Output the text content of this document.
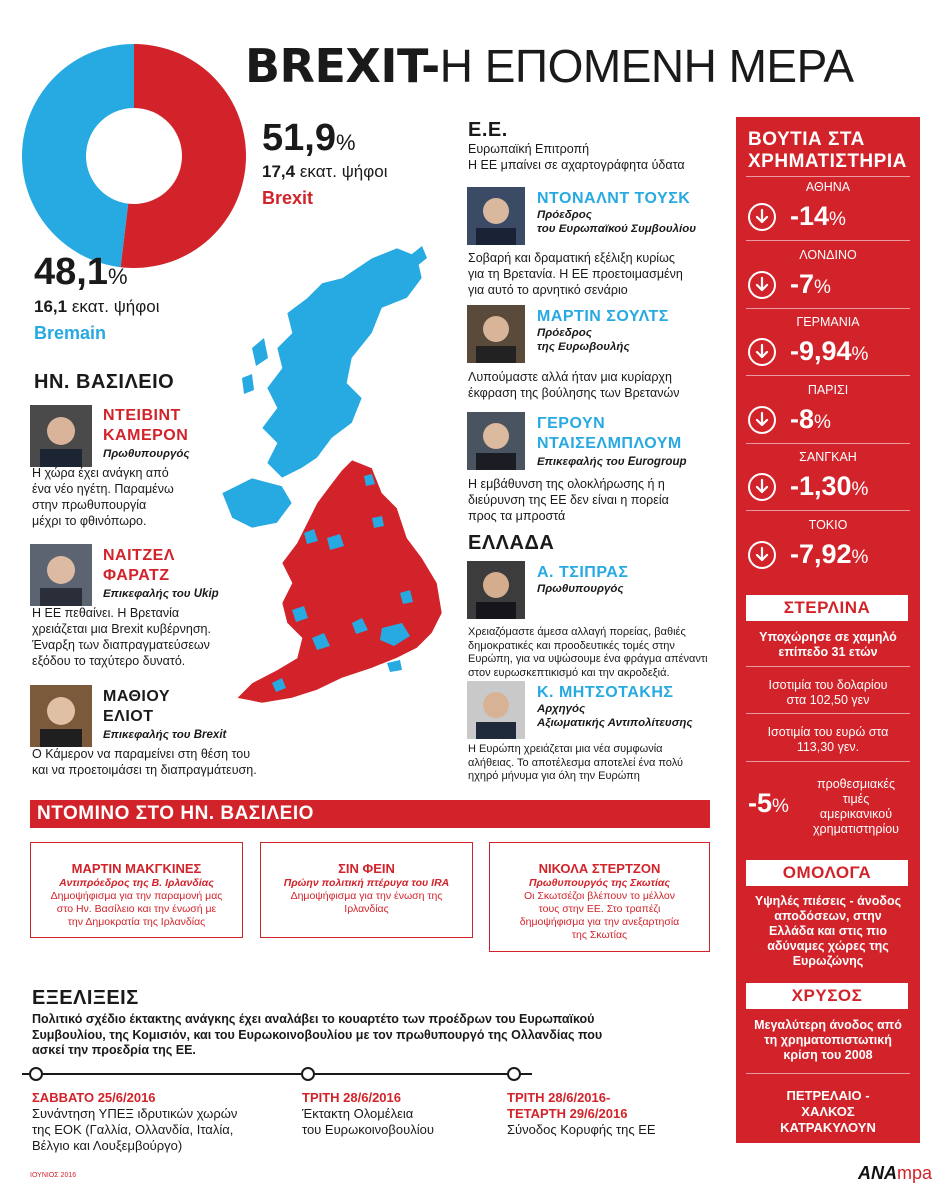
BREXIT-Η ΕΠΟΜΕΝΗ ΜΕΡΑ
51,9%
17,4 εκατ. ψήφοι
Brexit
48,1%
16,1 εκατ. ψήφοι
Bremain
ΗΝ. ΒΑΣΙΛΕΙΟ
ΝΤΕΙΒΙΝΤ
ΚΑΜΕΡΟΝ
Πρωθυπουργός
Η χώρα έχει ανάγκη από
ένα νέο ηγέτη. Παραμένω
στην πρωθυπουργία
μέχρι το φθινόπωρο.
ΝΑΙΤΖΕΛ
ΦΑΡΑΤΖ
Επικεφαλής του Ukip
Η ΕΕ πεθαίνει. Η Βρετανία
χρειάζεται μια Brexit κυβέρνηση.
Έναρξη των διαπραγματεύσεων
εξόδου το ταχύτερο δυνατό.
ΜΑΘΙΟΥ
ΕΛΙΟΤ
Επικεφαλής του Brexit
Ο Κάμερον να παραμείνει στη θέση του
και να προετοιμάσει τη διαπραγμάτευση.
Ε.Ε.
Ευρωπαϊκή Επιτροπή
Η ΕΕ μπαίνει σε αχαρτογράφητα ύδατα
ΝΤΟΝΑΛΝΤ ΤΟΥΣΚ
Πρόεδρος
του Ευρωπαϊκού Συμβουλίου
Σοβαρή και δραματική εξέλιξη κυρίως
για τη Βρετανία. Η ΕΕ προετοιμασμένη
για αυτό το αρνητικό σενάριο
ΜΑΡΤΙΝ ΣΟΥΛΤΣ
Πρόεδρος
της Ευρωβουλής
Λυπούμαστε αλλά ήταν μια κυρίαρχη
έκφραση της βούλησης των Βρετανών
ΓΕΡΟΥΝ
ΝΤΑΙΣΕΛΜΠΛΟΥΜ
Επικεφαλής του Eurogroup
Η εμβάθυνση της ολοκλήρωσης ή η
διεύρυνση της ΕΕ δεν είναι η πορεία
προς τα μπροστά
ΕΛΛΑΔΑ
Α. ΤΣΙΠΡΑΣ
Πρωθυπουργός
Χρειαζόμαστε άμεσα αλλαγή πορείας, βαθιές
δημοκρατικές και προοδευτικές τομές στην
Ευρώπη, για να υψώσουμε ένα φράγμα απέναντι
στον ευρωσκεπτικισμό και την ακροδεξιά.
Κ. ΜΗΤΣΟΤΑΚΗΣ
Αρχηγός
Αξιωματικής Αντιπολίτευσης
Η Ευρώπη χρειάζεται μια νέα συμφωνία
αλήθειας. Το αποτέλεσμα αποτελεί ένα πολύ
ηχηρό μήνυμα για όλη την Ευρώπη
ΒΟΥΤΙΑ ΣΤΑ
ΧΡΗΜΑΤΙΣΤΗΡΙΑ
ΑΘΗΝΑ
-14%
ΛΟΝΔΙΝΟ
-7%
ΓΕΡΜΑΝΙΑ
-9,94%
ΠΑΡΙΣΙ
-8%
ΣΑΝΓΚΑΗ
-1,30%
ΤΟΚΙΟ
-7,92%
ΣΤΕΡΛΙΝΑ
Υποχώρησε σε χαμηλό
επίπεδο 31 ετών
Ισοτιμία του δολαρίου
στα 102,50 γεν
Ισοτιμία του ευρώ στα
113,30 γεν.
-5%
προθεσμιακές
τιμές
αμερικανικού
χρηματιστηρίου
ΟΜΟΛΟΓΑ
Υψηλές πιέσεις - άνοδος
αποδόσεων, στην
Ελλάδα και στις πιο
αδύναμες χώρες της
Ευρωζώνης
ΧΡΥΣΟΣ
Μεγαλύτερη άνοδος από
τη χρηματοπιστωτική
κρίση του 2008
ΠΕΤΡΕΛΑΙΟ -
ΧΑΛΚΟΣ
ΚΑΤΡΑΚΥΛΟΥΝ
ΝΤΟΜΙΝΟ ΣΤΟ ΗΝ. ΒΑΣΙΛΕΙΟ
ΜΑΡΤΙΝ ΜΑΚΓΚΙΝΕΣ
Αντιπρόεδρος της Β. Ιρλανδίας
Δημοψήφισμα για την παραμονή μας
στο Ην. Βασίλειο και την ένωσή με
την Δημοκρατία της Ιρλανδίας
ΣΙΝ ΦΕΙΝ
Πρώην πολιτική πτέρυγα του IRA
Δημοψήφισμα για την ένωση της
Ιρλανδίας
ΝΙΚΟΛΑ ΣΤΕΡΤΖΟΝ
Πρωθυπουργός της Σκωτίας
Οι Σκωτσέζοι βλέπουν το μέλλον
τους στην ΕΕ. Στο τραπέζι
δημοψήφισμα για την ανεξαρτησία
της Σκωτίας
ΕΞΕΛΙΞΕΙΣ
Πολιτικό σχέδιο έκτακτης ανάγκης έχει αναλάβει το κουαρτέτο των προέδρων του Ευρωπαϊκού
Συμβουλίου, της Κομισιόν, και του Ευρωκοινοβουλίου με τον πρωθυπουργό της Ολλανδίας που
ασκεί την προεδρία της ΕΕ.
ΣΑΒΒΑΤΟ 25/6/2016
Συνάντηση ΥΠΕΞ ιδρυτικών χωρών
της ΕΟΚ (Γαλλία, Ολλανδία, Ιταλία,
Βέλγιο και Λουξεμβούργο)
ΤΡΙΤΗ 28/6/2016
Έκτακτη Ολομέλεια
του Ευρωκοινοβουλίου
ΤΡΙΤΗ 28/6/2016-
ΤΕΤΑΡΤΗ 29/6/2016
Σύνοδος Κορυφής της ΕΕ
ΙΟΥΝΙΟΣ 2016	ANAmpa
